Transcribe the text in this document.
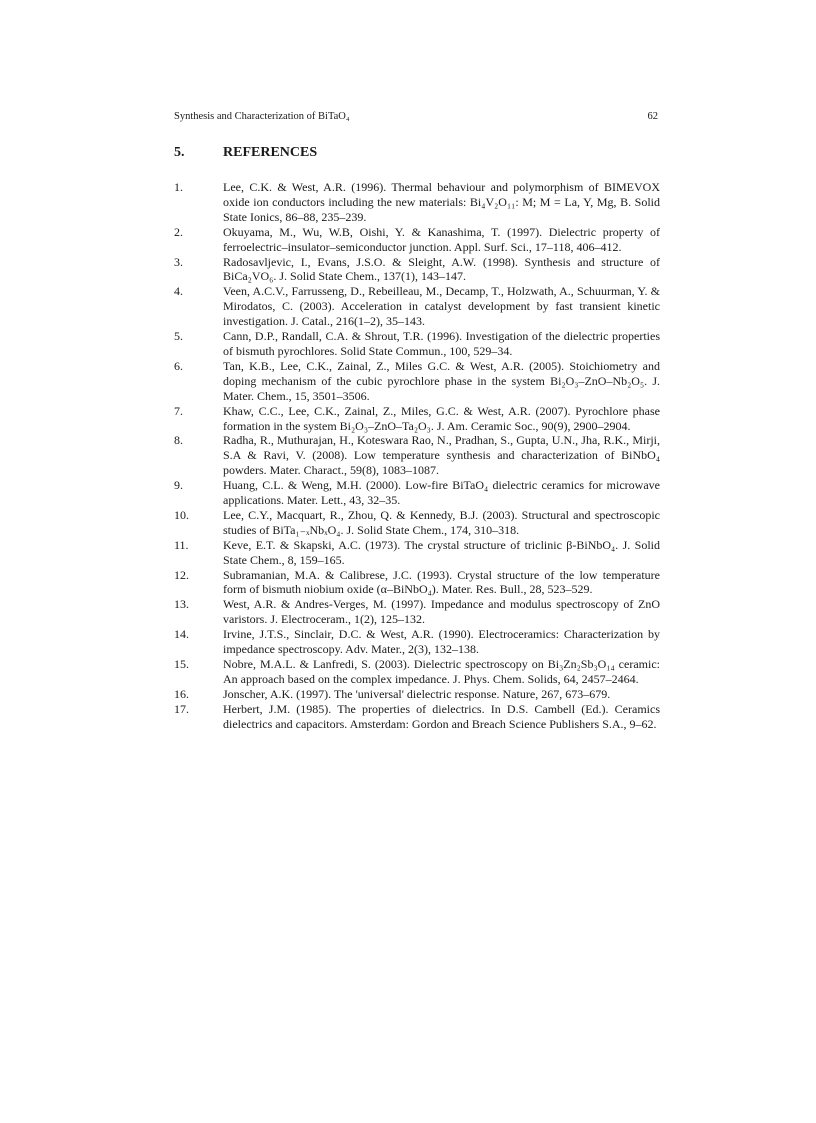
Synthesis and Characterization of BiTaO₄	62
5.	REFERENCES
1.	Lee, C.K. & West, A.R. (1996). Thermal behaviour and polymorphism of BIMEVOX oxide ion conductors including the new materials: Bi₄V₂O₁₁: M; M = La, Y, Mg, B. Solid State Ionics, 86–88, 235–239.
2.	Okuyama, M., Wu, W.B, Oishi, Y. & Kanashima, T. (1997). Dielectric property of ferroelectric–insulator–semiconductor junction. Appl. Surf. Sci., 17–118, 406–412.
3.	Radosavljevic, I., Evans, J.S.O. & Sleight, A.W. (1998). Synthesis and structure of BiCa₂VO₆. J. Solid State Chem., 137(1), 143–147.
4.	Veen, A.C.V., Farrusseng, D., Rebeilleau, M., Decamp, T., Holzwath, A., Schuurman, Y. & Mirodatos, C. (2003). Acceleration in catalyst development by fast transient kinetic investigation. J. Catal., 216(1–2), 35–143.
5.	Cann, D.P., Randall, C.A. & Shrout, T.R. (1996). Investigation of the dielectric properties of bismuth pyrochlores. Solid State Commun., 100, 529–34.
6.	Tan, K.B., Lee, C.K., Zainal, Z., Miles G.C. & West, A.R. (2005). Stoichiometry and doping mechanism of the cubic pyrochlore phase in the system Bi₂O₃–ZnO–Nb₂O₅. J. Mater. Chem., 15, 3501–3506.
7.	Khaw, C.C., Lee, C.K., Zainal, Z., Miles, G.C. & West, A.R. (2007). Pyrochlore phase formation in the system Bi₂O₃–ZnO–Ta₂O₃. J. Am. Ceramic Soc., 90(9), 2900–2904.
8.	Radha, R., Muthurajan, H., Koteswara Rao, N., Pradhan, S., Gupta, U.N., Jha, R.K., Mirji, S.A & Ravi, V. (2008). Low temperature synthesis and characterization of BiNbO₄ powders. Mater. Charact., 59(8), 1083–1087.
9.	Huang, C.L. & Weng, M.H. (2000). Low-fire BiTaO₄ dielectric ceramics for microwave applications. Mater. Lett., 43, 32–35.
10.	Lee, C.Y., Macquart, R., Zhou, Q. & Kennedy, B.J. (2003). Structural and spectroscopic studies of BiTa₁₋ₓNbₓO₄. J. Solid State Chem., 174, 310–318.
11.	Keve, E.T. & Skapski, A.C. (1973). The crystal structure of triclinic β-BiNbO₄. J. Solid State Chem., 8, 159–165.
12.	Subramanian, M.A. & Calibrese, J.C. (1993). Crystal structure of the low temperature form of bismuth niobium oxide (α–BiNbO₄). Mater. Res. Bull., 28, 523–529.
13.	West, A.R. & Andres-Verges, M. (1997). Impedance and modulus spectroscopy of ZnO varistors. J. Electroceram., 1(2), 125–132.
14.	Irvine, J.T.S., Sinclair, D.C. & West, A.R. (1990). Electroceramics: Characterization by impedance spectroscopy. Adv. Mater., 2(3), 132–138.
15.	Nobre, M.A.L. & Lanfredi, S. (2003). Dielectric spectroscopy on Bi₃Zn₂Sb₃O₁₄ ceramic: An approach based on the complex impedance. J. Phys. Chem. Solids, 64, 2457–2464.
16.	Jonscher, A.K. (1997). The 'universal' dielectric response. Nature, 267, 673–679.
17.	Herbert, J.M. (1985). The properties of dielectrics. In D.S. Cambell (Ed.). Ceramics dielectrics and capacitors. Amsterdam: Gordon and Breach Science Publishers S.A., 9–62.
